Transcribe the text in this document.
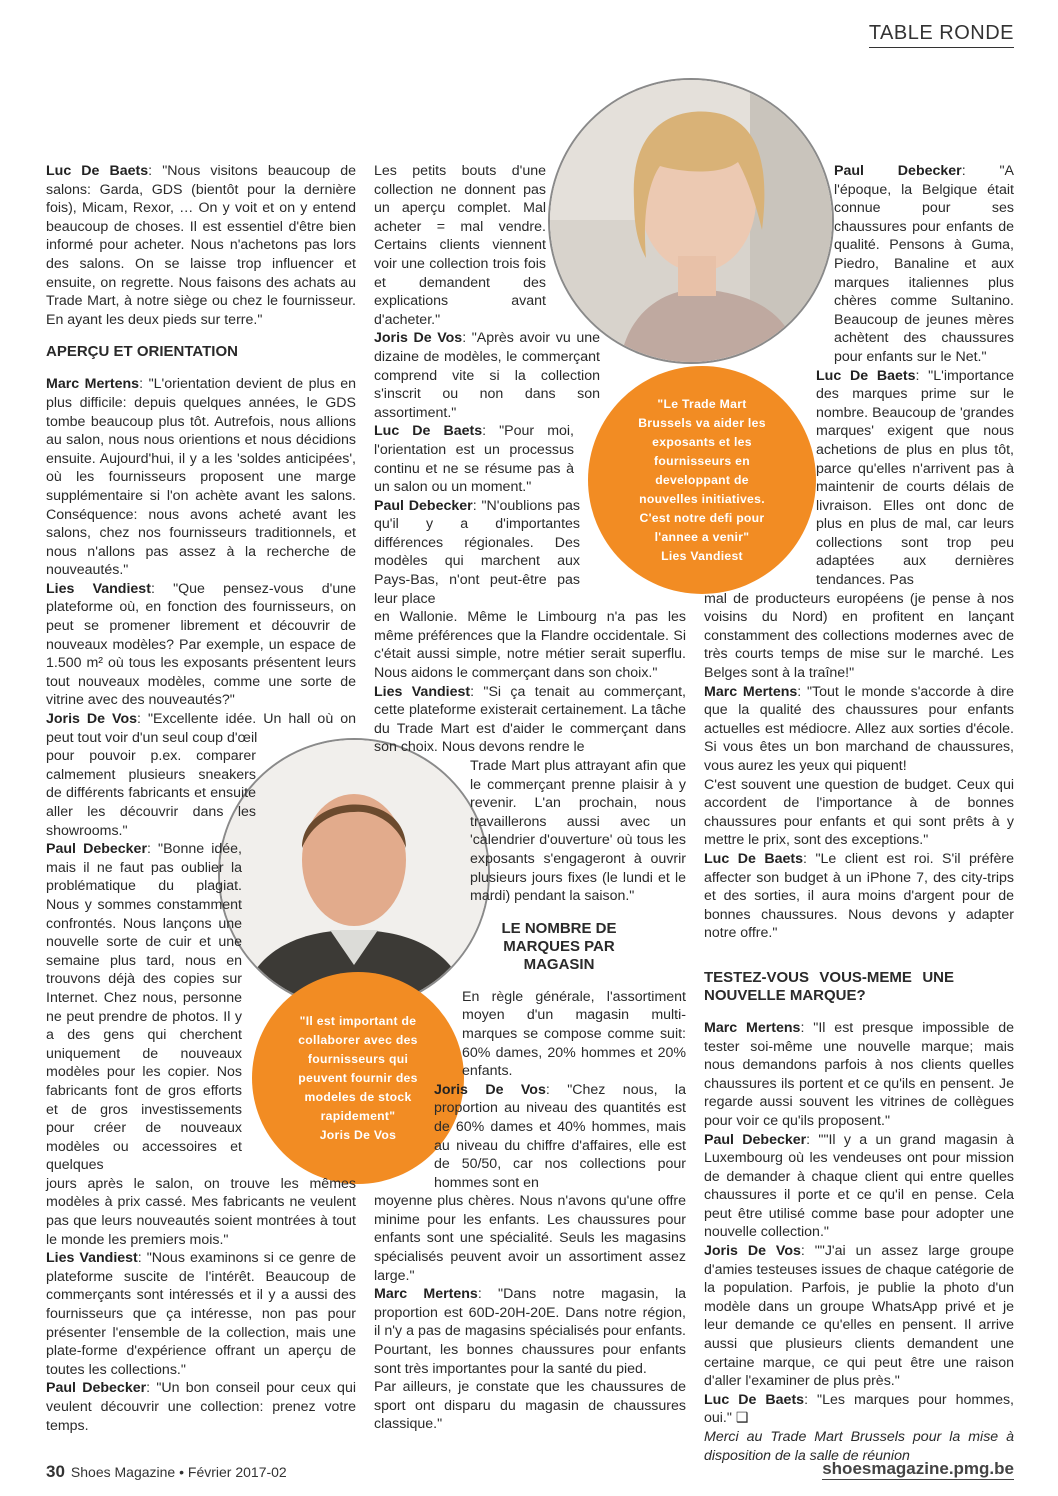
TABLE RONDE
"Le Trade Mart
Brussels va aider les
exposants et les
fournisseurs en
developpant de
nouvelles initiatives.
C'est notre defi pour
l'annee a venir"
Lies Vandiest
"Il est important de
collaborer avec des
fournisseurs qui
peuvent fournir des
modeles de stock
rapidement"
Joris De Vos

Luc De Baets: "Nous visitons beaucoup de salons: Garda, GDS (bientôt pour la dernière fois), Micam, Rexor, … On y voit et on y entend beaucoup de choses. Il est essentiel d'être bien informé pour acheter. Nous n'achetons pas lors des salons. On se laisse trop influencer et ensuite, on regrette. Nous faisons des achats au Trade Mart, à notre siège ou chez le fournisseur. En ayant les deux pieds sur terre."

APERÇU ET ORIENTATION

Marc Mertens: "L'orientation devient de plus en plus difficile: depuis quelques années, le GDS tombe beaucoup plus tôt. Autrefois, nous allions au salon, nous nous orientions et nous décidions ensuite. Aujourd'hui, il y a les 'soldes anticipées', où les fournisseurs proposent une marge supplémentaire si l'on achète avant les salons. Conséquence: nous avons acheté avant les salons, chez nos fournisseurs traditionnels, et nous n'allons pas assez à la recherche de nouveautés."

Lies Vandiest: "Que pensez-vous d'une plateforme où, en fonction des fournisseurs, on peut se promener librement et découvrir de nouveaux modèles? Par exemple, un espace de 1.500 m² où tous les exposants présentent leurs tout nouveaux modèles, comme une sorte de vitrine avec des nouveautés?"

Joris De Vos: "Excellente idée. Un hall où on peut tout voir d'un seul coup d'œil

pour pouvoir p.ex. comparer calmement plusieurs sneakers de différents fabricants et ensuite aller les découvrir dans les showrooms."

Paul Debecker: "Bonne idée, mais il ne faut pas oublier la problématique du plagiat. Nous y sommes constamment confrontés. Nous lançons une nouvelle sorte de cuir et une semaine plus tard, nous en trouvons déjà des copies sur Internet. Chez nous, personne ne peut prendre de photos. Il y a des gens qui cherchent uniquement de nouveaux modèles pour les copier. Nos fabricants font de gros efforts et de gros investissements pour créer de nouveaux modèles ou accessoires et quelques

jours après le salon, on trouve les mêmes modèles à prix cassé. Mes fabricants ne veulent pas que leurs nouveautés soient montrées à tout le monde les premiers mois."

Lies Vandiest: "Nous examinons si ce genre de plateforme suscite de l'intérêt. Beaucoup de commerçants sont intéressés et il y a aussi des fournisseurs que ça intéresse, non pas pour présenter l'ensemble de la collection, mais une plate-forme d'expérience offrant un aperçu de toutes les collections."

Paul Debecker: "Un bon conseil pour ceux qui veulent découvrir une collection: prenez votre temps.

Les petits bouts d'une collection ne donnent pas un aperçu complet. Mal acheter = mal vendre. Certains clients viennent voir une collection trois fois et demandent des explications avant d'acheter."

Joris De Vos: "Après avoir vu une dizaine de modèles, le commerçant comprend vite si la collection s'inscrit ou non dans son assortiment."

Luc De Baets: "Pour moi, l'orientation est un processus continu et ne se résume pas à un salon ou un moment."

Paul Debecker: "N'oublions pas qu'il y a d'importantes différences régionales. Des modèles qui marchent aux Pays-Bas, n'ont peut-être pas leur place

en Wallonie. Même le Limbourg n'a pas les même préférences que la Flandre occidentale. Si c'était aussi simple, notre métier serait superflu. Nous aidons le commerçant dans son choix."

Lies Vandiest: "Si ça tenait au commerçant, cette plateforme existerait certainement. La tâche du Trade Mart est d'aider le commerçant dans son choix. Nous devons rendre le

Trade Mart plus attrayant afin que le commerçant prenne plaisir à y revenir. L'an prochain, nous travaillerons aussi avec un 'calendrier d'ouverture' où tous les exposants s'engageront à ouvrir plusieurs jours fixes (le lundi et le mardi) pendant la saison."

LE NOMBRE DE MARQUES PAR MAGASIN

En règle générale, l'assortiment moyen d'un magasin multi-marques se compose comme suit: 60% dames, 20% hommes et 20% enfants.

Joris De Vos: "Chez nous, la proportion au niveau des quantités est de 60% dames et 40% hommes, mais au niveau du chiffre d'affaires, elle est de 50/50, car nos collections pour hommes sont en

moyenne plus chères. Nous n'avons qu'une offre minime pour les enfants. Les chaussures pour enfants sont une spécialité. Seuls les magasins spécialisés peuvent avoir un assortiment assez large."

Marc Mertens: "Dans notre magasin, la proportion est 60D-20H-20E. Dans notre région, il n'y a pas de magasins spécialisés pour enfants. Pourtant, les bonnes chaussures pour enfants sont très importantes pour la santé du pied.

Par ailleurs, je constate que les chaussures de sport ont disparu du magasin de chaussures classique."

Paul Debecker: "A l'époque, la Belgique était connue pour ses chaussures pour enfants de qualité. Pensons à Guma, Piedro, Banaline et aux marques italiennes plus chères comme Sultanino. Beaucoup de jeunes mères achètent des chaussures pour enfants sur le Net."

Luc De Baets: "L'importance des marques prime sur le nombre. Beaucoup de 'grandes marques' exigent que nous achetions de plus en plus tôt, parce qu'elles n'arrivent pas à maintenir de courts délais de livraison. Elles ont donc de plus en plus de mal, car leurs collections sont trop peu adaptées aux dernières tendances. Pas

mal de producteurs européens (je pense à nos voisins du Nord) en profitent en lançant constamment des collections modernes avec de très courts temps de mise sur le marché. Les Belges sont à la traîne!"

Marc Mertens: "Tout le monde s'accorde à dire que la qualité des chaussures pour enfants actuelles est médiocre. Allez aux sorties d'école. Si vous êtes un bon marchand de chaussures, vous aurez les yeux qui piquent!

C'est souvent une question de budget. Ceux qui accordent de l'importance à de bonnes chaussures pour enfants et qui sont prêts à y mettre le prix, sont des exceptions."

Luc De Baets: "Le client est roi. S'il préfère affecter son budget à un iPhone 7, des city-trips et des sorties, il aura moins d'argent pour de bonnes chaussures. Nous devons y adapter notre offre."

TESTEZ-VOUS VOUS-MEME UNE NOUVELLE MARQUE?

Marc Mertens: "Il est presque impossible de tester soi-même une nouvelle marque; mais nous demandons parfois à nos clients quelles chaussures ils portent et ce qu'ils en pensent. Je regarde aussi souvent les vitrines de collègues pour voir ce qu'ils proposent."

Paul Debecker: ""Il y a un grand magasin à Luxembourg où les vendeuses ont pour mission de demander à chaque client qui entre quelles chaussures il porte et ce qu'il en pense. Cela peut être utilisé comme base pour adopter une nouvelle collection."

Joris De Vos: ""J'ai un assez large groupe d'amies testeuses issues de chaque catégorie de la population. Parfois, je publie la photo d'un modèle dans un groupe WhatsApp privé et je leur demande ce qu'elles en pensent. Il arrive aussi que plusieurs clients demandent une certaine marque, ce qui peut être une raison d'aller l'examiner de plus près."

Luc De Baets: "Les marques pour hommes, oui." ❑

Merci au Trade Mart Brussels pour la mise à disposition de la salle de réunion

30 Shoes Magazine • Février 2017-02	shoesmagazine.pmg.be
